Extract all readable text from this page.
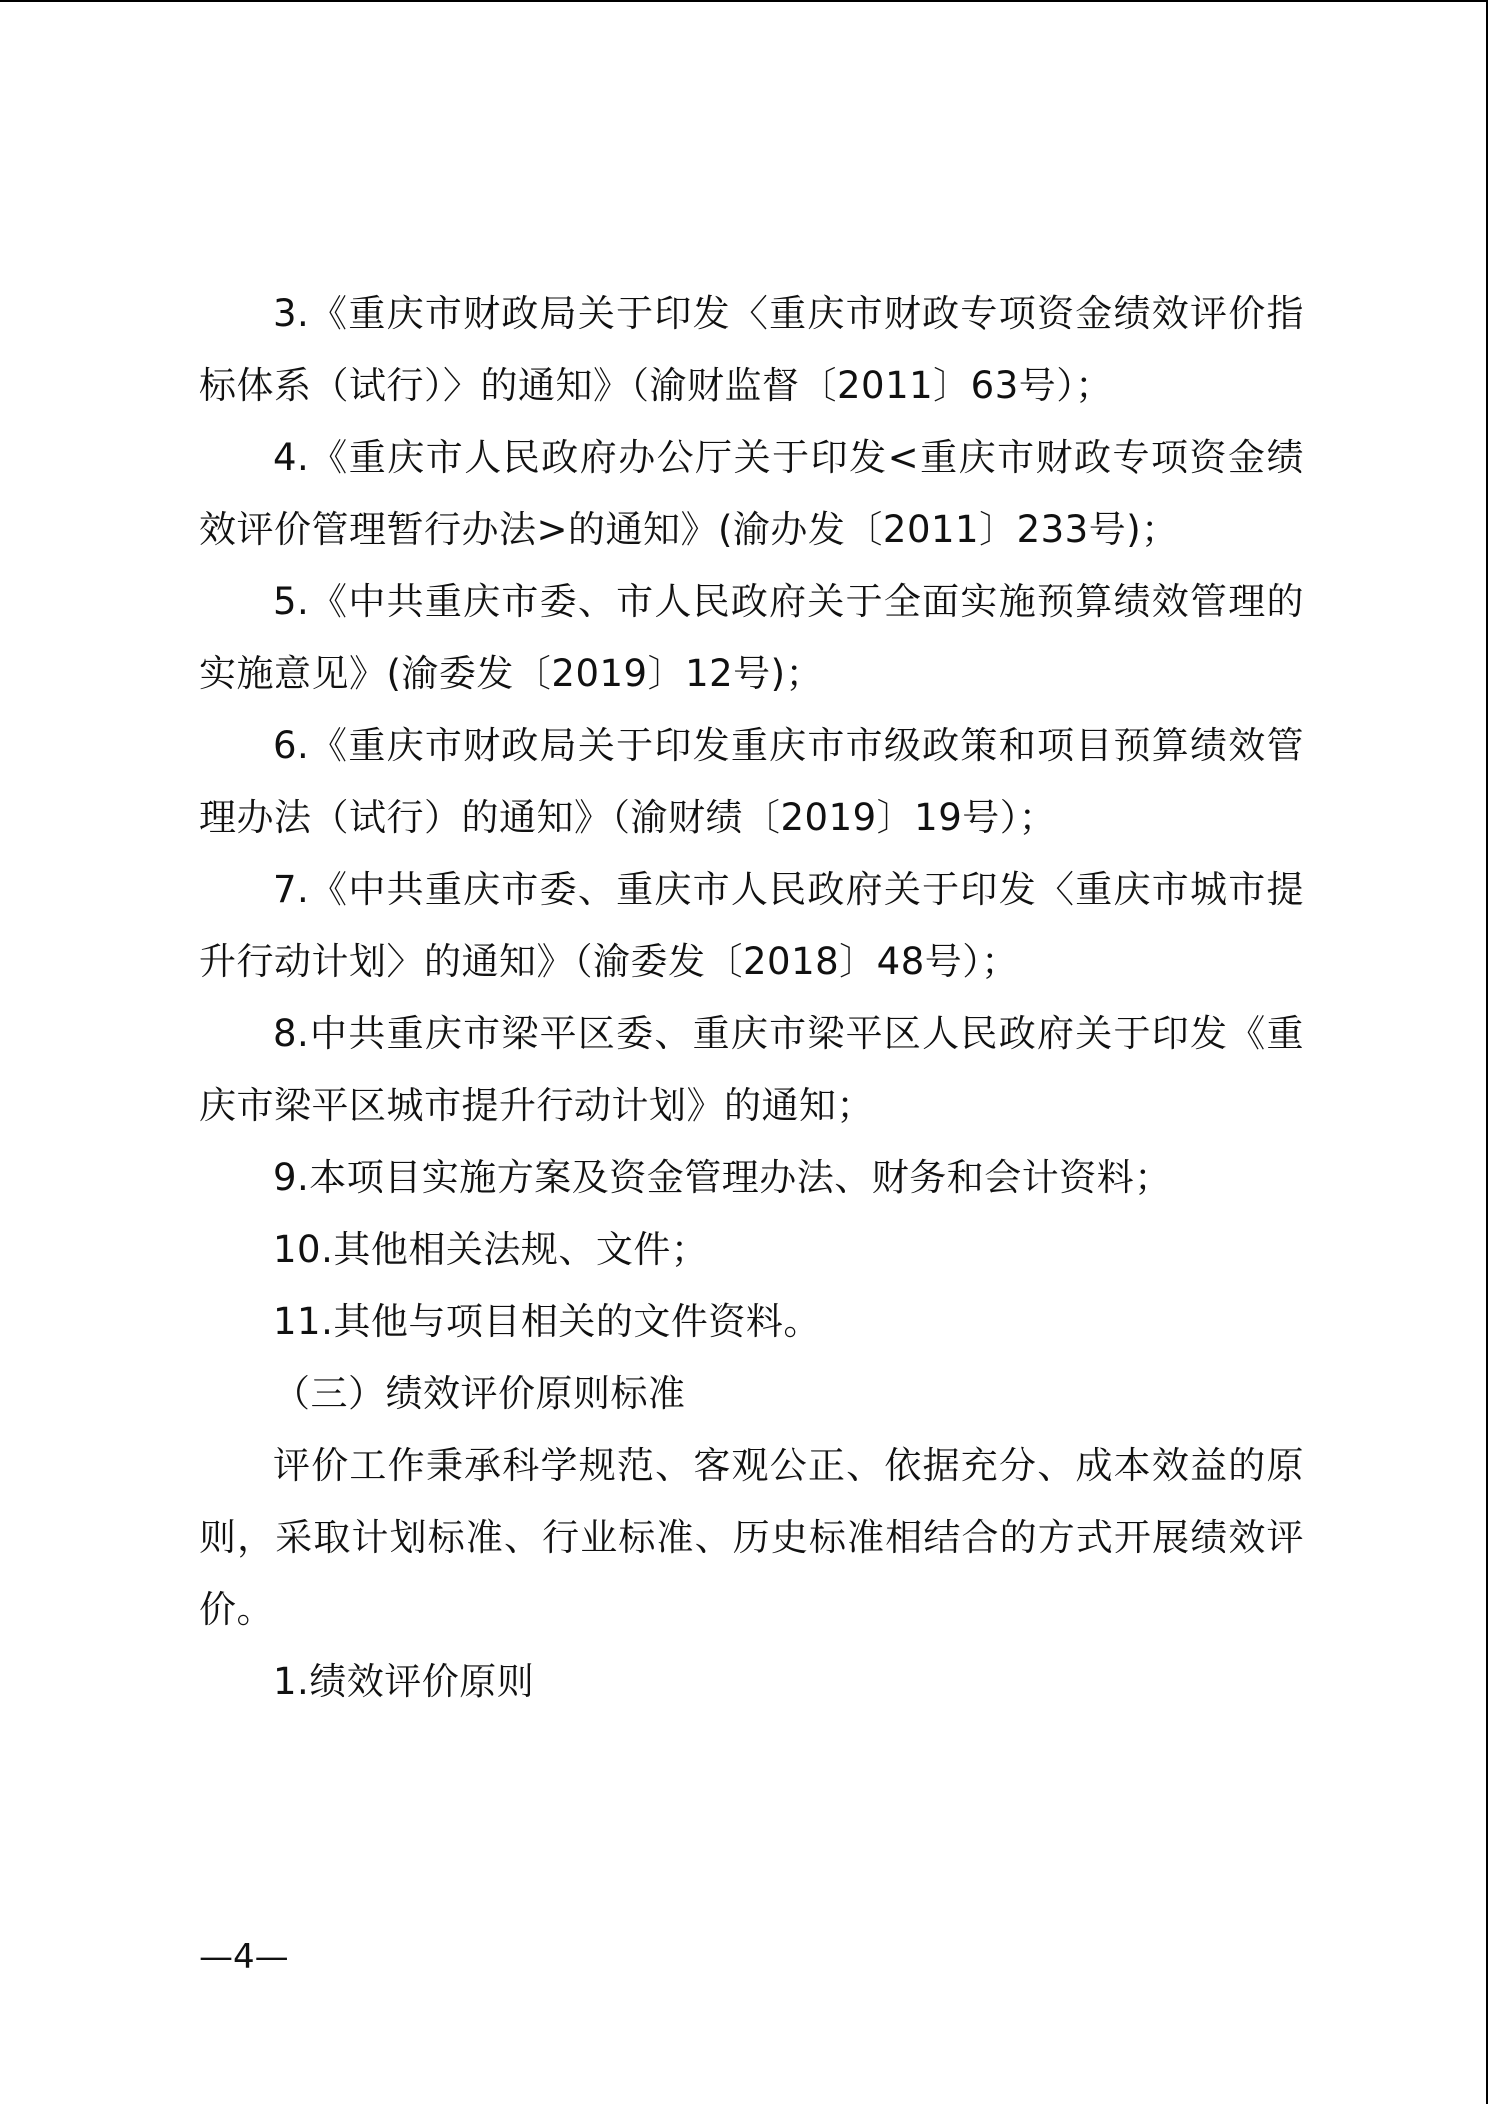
3.《重庆市财政局关于印发〈重庆市财政专项资金绩效评价指标体系（试行）〉的通知》（渝财监督〔2011〕63号）；

4.《重庆市人民政府办公厅关于印发<重庆市财政专项资金绩效评价管理暂行办法>的通知》(渝办发〔2011〕233号)；

5.《中共重庆市委、市人民政府关于全面实施预算绩效管理的实施意见》(渝委发〔2019〕12号)；

6.《重庆市财政局关于印发重庆市市级政策和项目预算绩效管理办法（试行）的通知》（渝财绩〔2019〕19号）；

7.《中共重庆市委、重庆市人民政府关于印发〈重庆市城市提升行动计划〉的通知》（渝委发〔2018〕48号）；

8.中共重庆市梁平区委、重庆市梁平区人民政府关于印发《重庆市梁平区城市提升行动计划》的通知；

9.本项目实施方案及资金管理办法、财务和会计资料；

10.其他相关法规、文件；

11.其他与项目相关的文件资料。

（三）绩效评价原则标准

评价工作秉承科学规范、客观公正、依据充分、成本效益的原则，采取计划标准、行业标准、历史标准相结合的方式开展绩效评价。

1.绩效评价原则

—4—
